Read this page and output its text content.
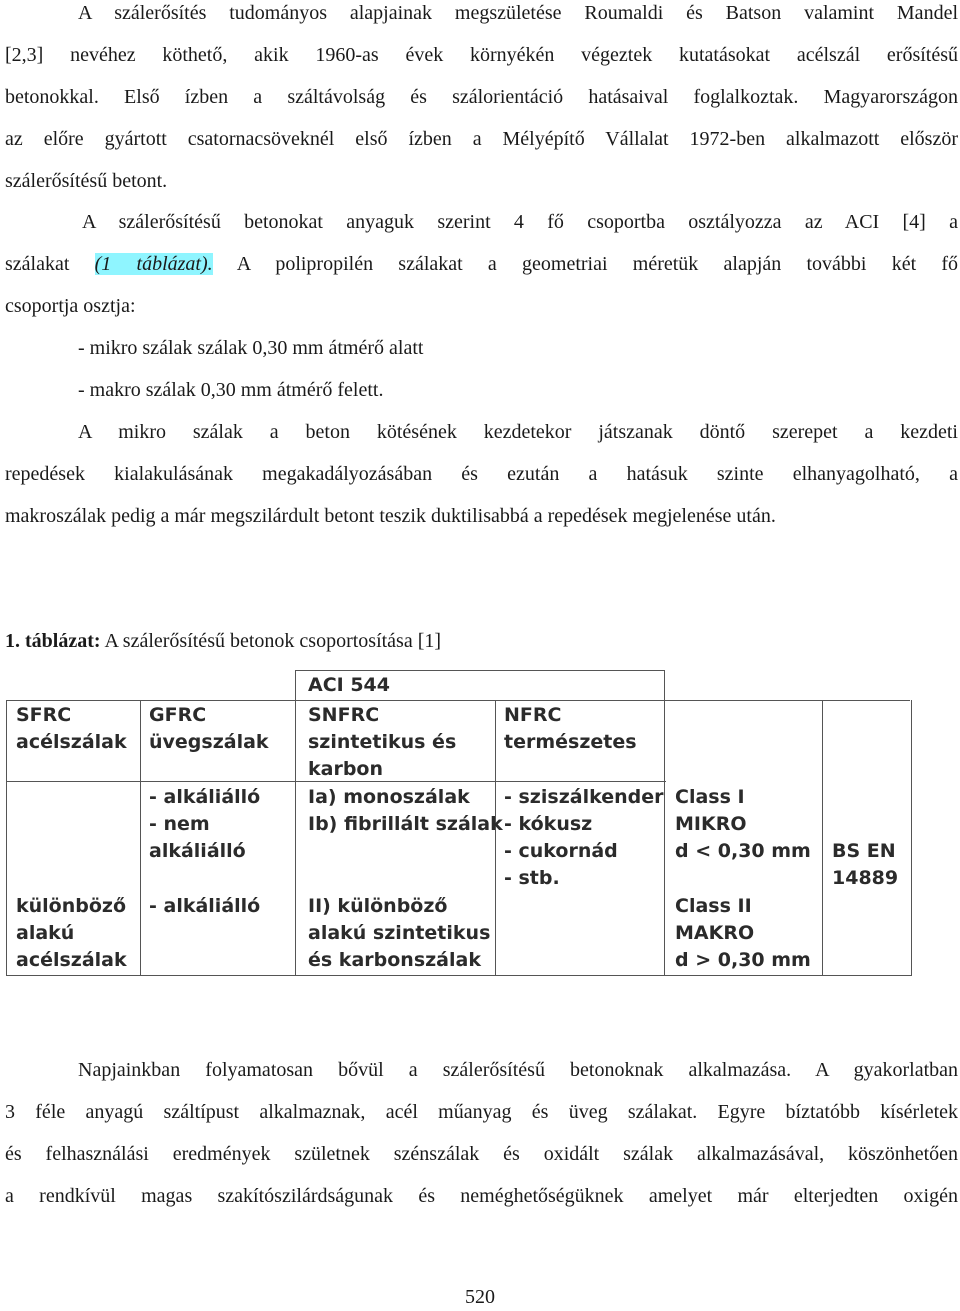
A szálerősítés tudományos alapjainak megszületése Roumaldi és Batson valamint Mandel
[2,3] nevéhez köthető, akik 1960-as évek környékén végeztek kutatásokat acélszál erősítésű
betonokkal. Első ízben a száltávolság és szálorientáció hatásaival foglalkoztak. Magyarországon
az előre gyártott csatornacsöveknél első ízben a Mélyépítő Vállalat 1972-ben alkalmazott először
szálerősítésű betont.
A szálerősítésű betonokat anyaguk szerint 4 fő csoportba osztályozza az ACI [4] a
szálakat (1 táblázat). A polipropilén szálakat a geometriai méretük alapján további két fő
csoportja osztja:
- mikro szálak szálak 0,30 mm átmérő alatt
- makro szálak 0,30 mm átmérő felett.
A mikro szálak a beton kötésének kezdetekor játszanak döntő szerepet a kezdeti
repedések kialakulásának megakadályozásában és ezután a hatásuk szinte elhanyagolható, a
makroszálak pedig a már megszilárdult betont teszik duktilisabbá a repedések megjelenése után.
1. táblázat: A szálerősítésű betonok csoportosítása [1]
ACI 544
SFRC
acélszálak
GFRC
üvegszálak
SNFRC
szintetikus és
karbon
NFRC
természetes
- alkáliálló
- nem
alkáliálló
Ia) monoszálak
Ib) fibrillált szálak
- sziszálkender
- kókusz
- cukornád
- stb.
Class I
MIKRO
d < 0,30 mm BS EN
14889
különböző
alakú
acélszálak
- alkáliálló	II) különböző
alakú szintetikus
és karbonszálak
Class II
MAKRO
d > 0,30 mm
Napjainkban folyamatosan bővül a szálerősítésű betonoknak alkalmazása. A gyakorlatban
3 féle anyagú száltípust alkalmaznak, acél műanyag és üveg szálakat. Egyre bíztatóbb kísérletek
és felhasználási eredmények születnek szénszálak és oxidált szálak alkalmazásával, köszönhetően
a rendkívül magas szakítószilárdságunak és neméghetőségüknek amelyet már elterjedten oxigén
520
